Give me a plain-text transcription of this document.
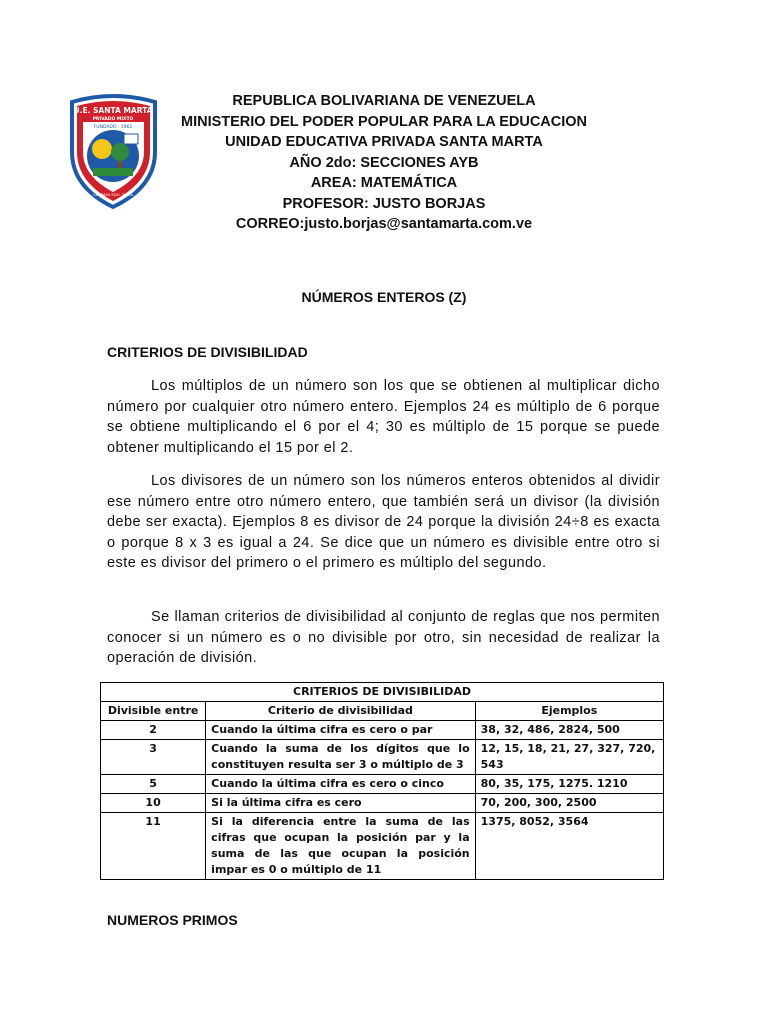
U.E. SANTA MARTA
PRIVADO MIXTO
FUNDADO : 1962
CABIMAS EDO. ZULIA
REPUBLICA BOLIVARIANA DE VENEZUELA
MINISTERIO DEL PODER POPULAR PARA LA EDUCACION
UNIDAD EDUCATIVA PRIVADA SANTA MARTA
AÑO 2do: SECCIONES AYB
AREA: MATEMÁTICA
PROFESOR: JUSTO BORJAS
CORREO:justo.borjas@santamarta.com.ve
NÚMEROS ENTEROS (Z)
CRITERIOS DE DIVISIBILIDAD

Los múltiplos de un número son los que se obtienen al multiplicar dicho número por cualquier otro número entero. Ejemplos 24 es múltiplo de 6 porque se obtiene multiplicando el 6 por el 4; 30 es múltiplo de 15 porque se puede obtener multiplicando el 15 por el 2.

Los divisores de un número son los números enteros obtenidos al dividir ese número entre otro número entero, que también será un divisor (la división debe ser exacta). Ejemplos 8 es divisor de 24 porque la división 24÷8 es exacta o porque 8 x 3 es igual a 24. Se dice que un número es divisible entre otro si este es divisor del primero o el primero es múltiplo del segundo.

Se llaman criterios de divisibilidad al conjunto de reglas que nos permiten conocer si un número es o no divisible por otro, sin necesidad de realizar la operación de división.

CRITERIOS DE DIVISIBILIDAD		
Divisible entre	Criterio de divisibilidad	Ejemplos
2	Cuando la última cifra es cero o par	38, 32, 486, 2824, 500
3	Cuando la suma de los dígitos que lo constituyen resulta ser 3 o múltiplo de 3	12, 15, 18, 21, 27, 327, 720, 543
5	Cuando la última cifra es cero o cinco	80, 35, 175, 1275. 1210
10	Si la última cifra es cero	70, 200, 300, 2500
11	Si la diferencia entre la suma de las cifras que ocupan la posición par y la suma de las que ocupan la posición impar es 0 o múltiplo de 11	1375, 8052, 3564
NUMEROS PRIMOS
